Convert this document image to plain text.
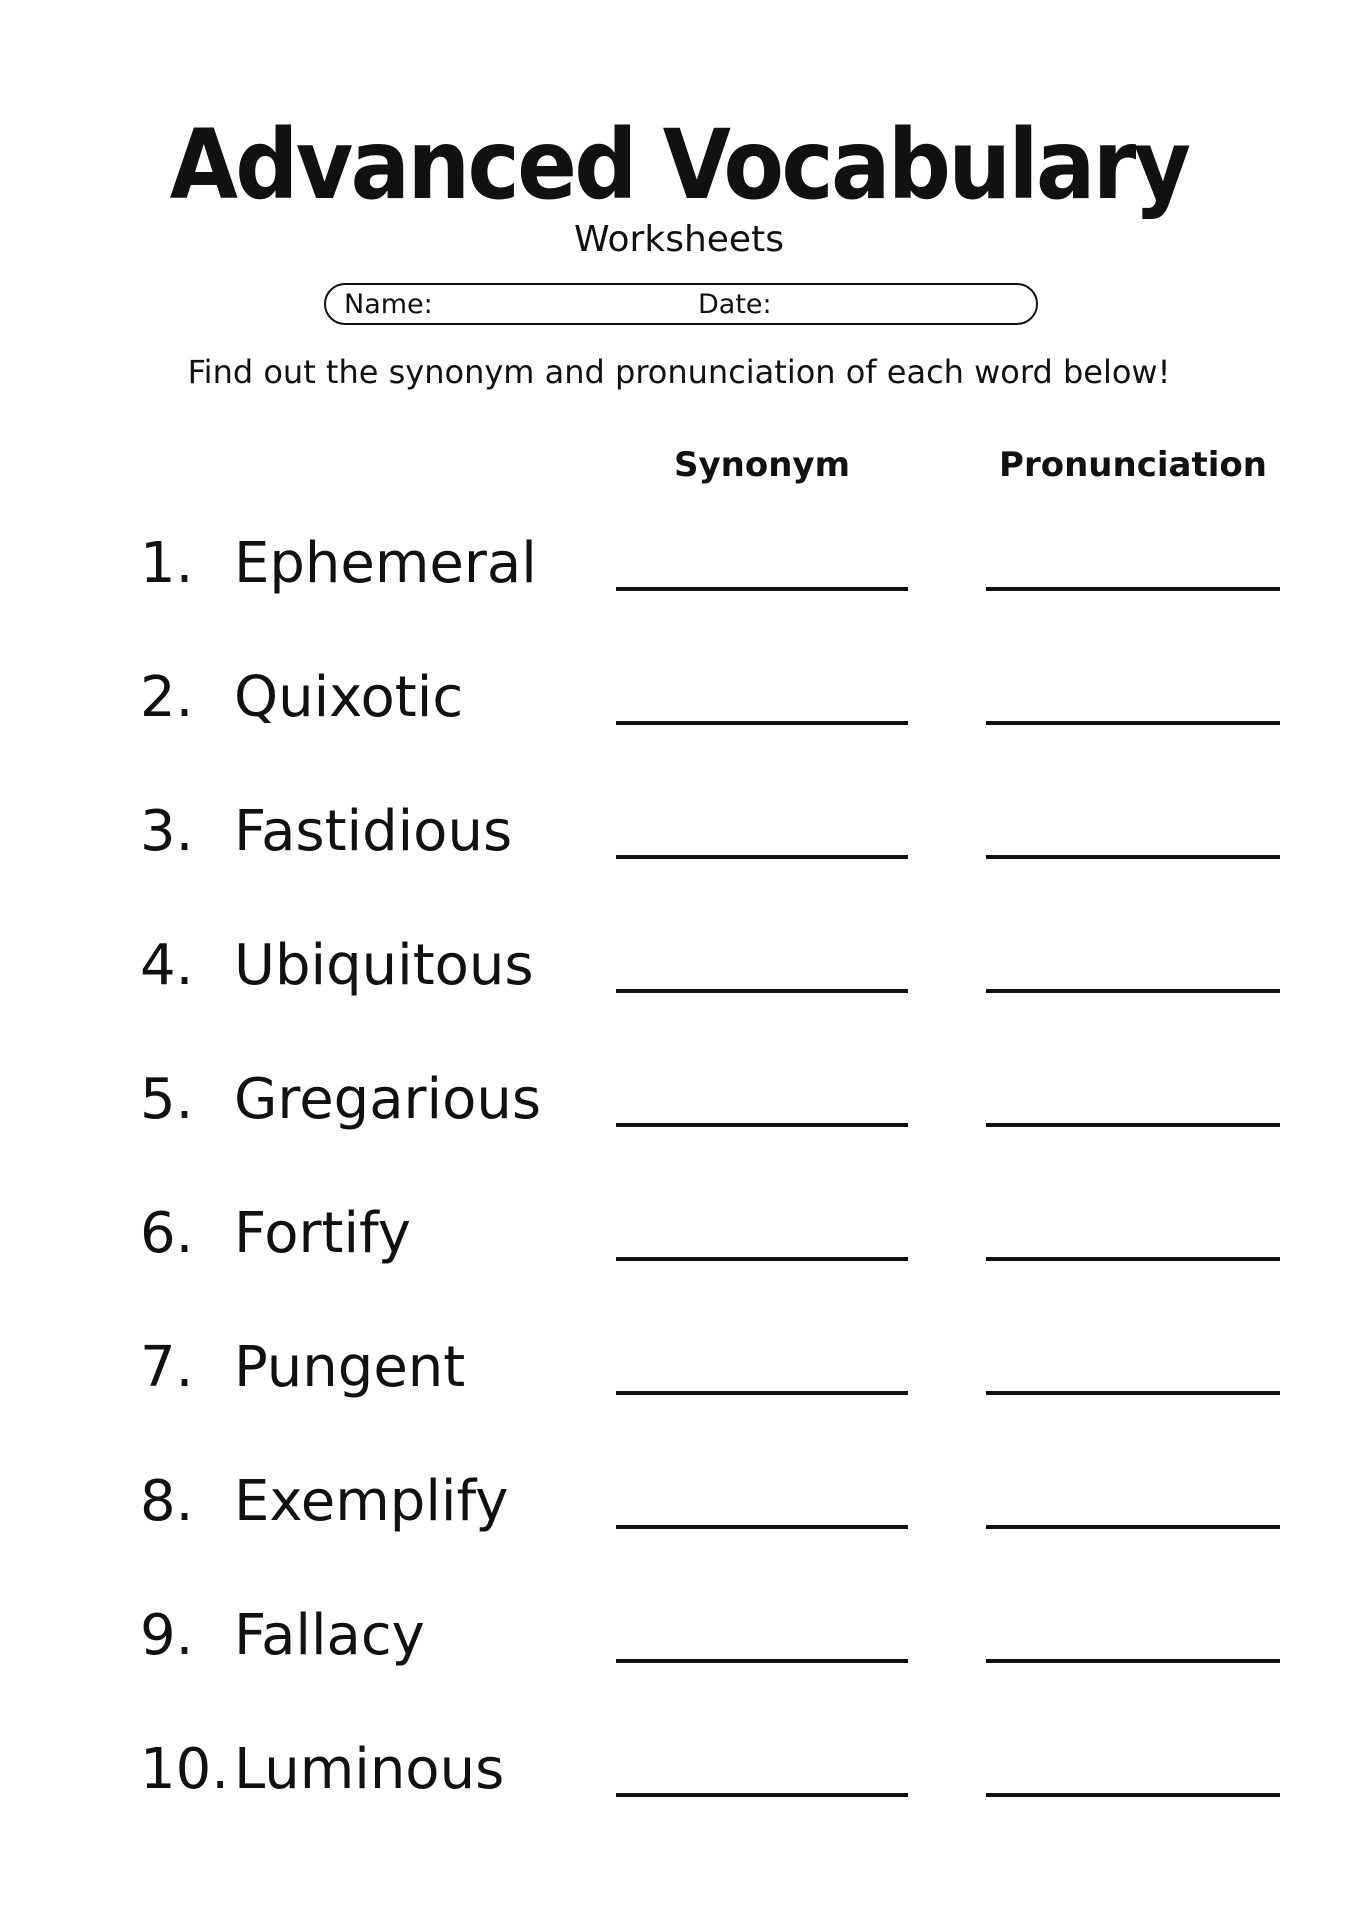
Advanced Vocabulary
Worksheets
Name:	Date:
Find out the synonym and pronunciation of each word below!
Synonym	Pronunciation
1. Ephemeral
2. Quixotic
3. Fastidious
4. Ubiquitous
5. Gregarious
6. Fortify
7. Pungent
8. Exemplify
9. Fallacy
10. Luminous
